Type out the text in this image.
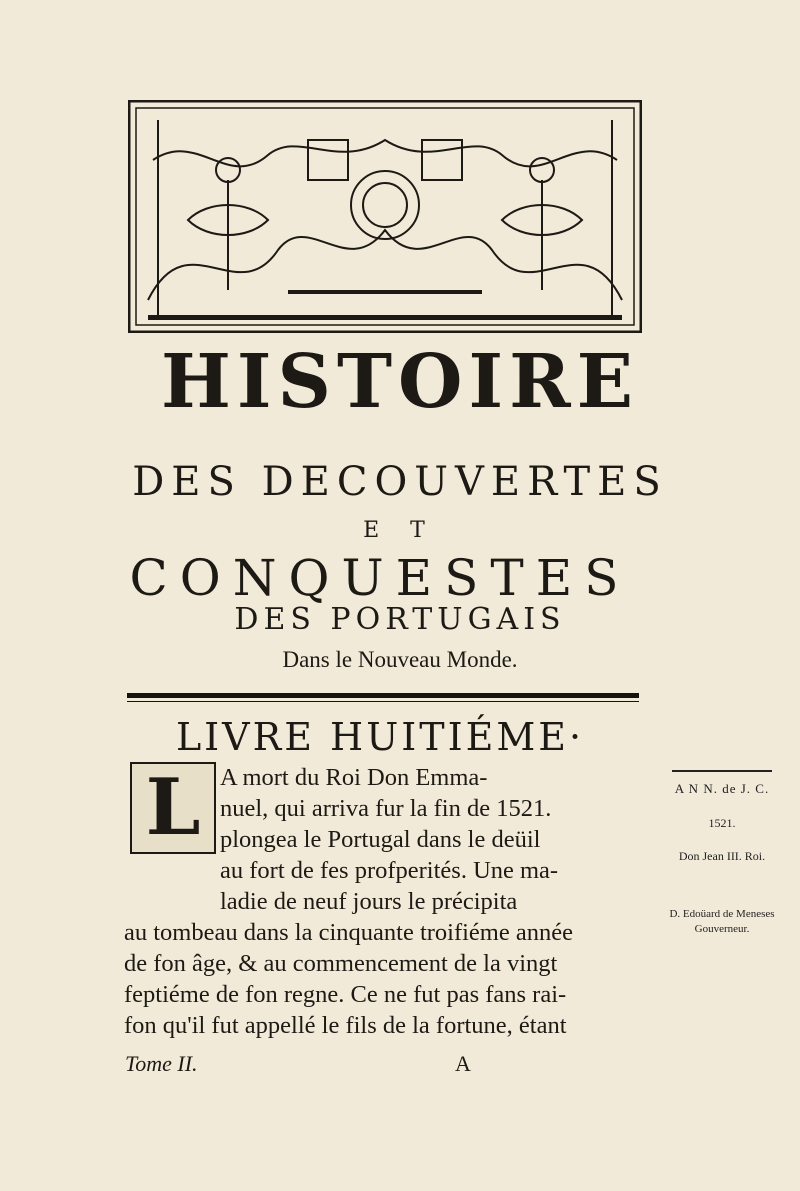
HISTOIRE
DES DECOUVERTES
E T
CONQUESTES
DES PORTUGAIS
Dans le Nouveau Monde.
LIVRE HUITIÉME·
L A mort du Roi Don Emma-
nuel, qui arriva fur la fin de 1521.
plongea le Portugal dans le deüil
au fort de fes profperités. Une ma-
ladie de neuf jours le précipita
au tombeau dans la cinquante troifiéme année
de fon âge, & au commencement de la vingt
feptiéme de fon regne. Ce ne fut pas fans rai-
fon qu'il fut appellé le fils de la fortune, étant
A N N. de J. C.
1521.
Don Jean III. Roi.
D. Edoüard de Meneses Gouverneur.
Tome II.	A
